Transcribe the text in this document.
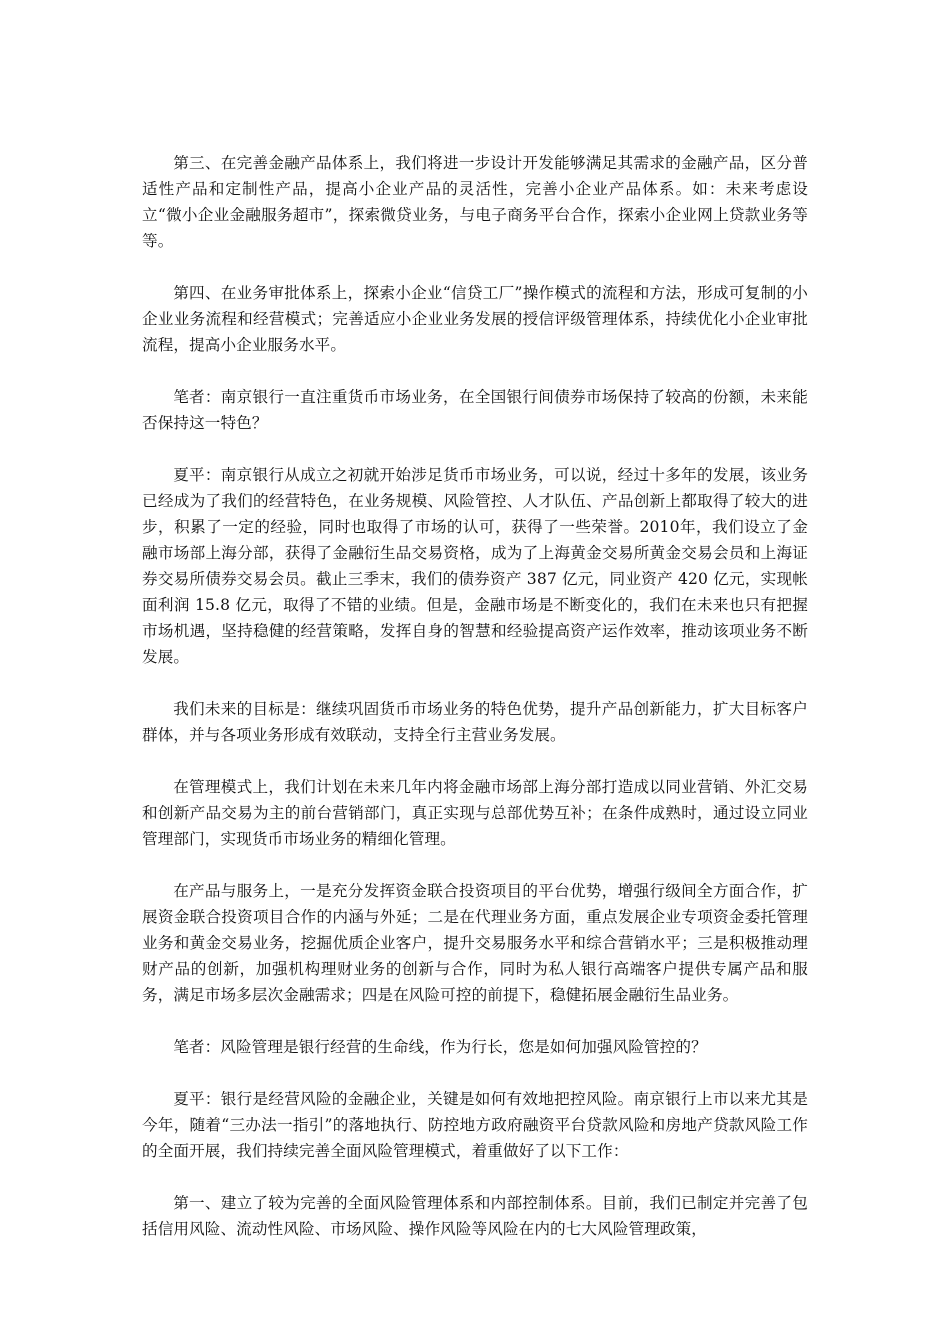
第三、在完善金融产品体系上，我们将进一步设计开发能够满足其需求的金融产品，区分普适性产品和定制性产品，提高小企业产品的灵活性，完善小企业产品体系。如：未来考虑设立“微小企业金融服务超市”，探索微贷业务，与电子商务平台合作，探索小企业网上贷款业务等等。

第四、在业务审批体系上，探索小企业“信贷工厂”操作模式的流程和方法，形成可复制的小企业业务流程和经营模式；完善适应小企业业务发展的授信评级管理体系，持续优化小企业审批流程，提高小企业服务水平。

笔者：南京银行一直注重货币市场业务，在全国银行间债券市场保持了较高的份额，未来能否保持这一特色？

夏平：南京银行从成立之初就开始涉足货币市场业务，可以说，经过十多年的发展，该业务已经成为了我们的经营特色，在业务规模、风险管控、人才队伍、产品创新上都取得了较大的进步，积累了一定的经验，同时也取得了市场的认可，获得了一些荣誉。2010年，我们设立了金融市场部上海分部，获得了金融衍生品交易资格，成为了上海黄金交易所黄金交易会员和上海证券交易所债券交易会员。截止三季末，我们的债券资产 387 亿元，同业资产 420 亿元，实现帐面利润 15.8 亿元，取得了不错的业绩。但是，金融市场是不断变化的，我们在未来也只有把握市场机遇，坚持稳健的经营策略，发挥自身的智慧和经验提高资产运作效率，推动该项业务不断发展。

我们未来的目标是：继续巩固货币市场业务的特色优势，提升产品创新能力，扩大目标客户群体，并与各项业务形成有效联动，支持全行主营业务发展。

在管理模式上，我们计划在未来几年内将金融市场部上海分部打造成以同业营销、外汇交易和创新产品交易为主的前台营销部门，真正实现与总部优势互补；在条件成熟时，通过设立同业管理部门，实现货币市场业务的精细化管理。

在产品与服务上，一是充分发挥资金联合投资项目的平台优势，增强行级间全方面合作，扩展资金联合投资项目合作的内涵与外延；二是在代理业务方面，重点发展企业专项资金委托管理业务和黄金交易业务，挖掘优质企业客户，提升交易服务水平和综合营销水平；三是积极推动理财产品的创新，加强机构理财业务的创新与合作，同时为私人银行高端客户提供专属产品和服务，满足市场多层次金融需求；四是在风险可控的前提下，稳健拓展金融衍生品业务。

笔者：风险管理是银行经营的生命线，作为行长，您是如何加强风险管控的？

夏平：银行是经营风险的金融企业，关键是如何有效地把控风险。南京银行上市以来尤其是今年，随着“三办法一指引”的落地执行、防控地方政府融资平台贷款风险和房地产贷款风险工作的全面开展，我们持续完善全面风险管理模式，着重做好了以下工作：

第一、建立了较为完善的全面风险管理体系和内部控制体系。目前，我们已制定并完善了包括信用风险、流动性风险、市场风险、操作风险等风险在内的七大风险管理政策，
